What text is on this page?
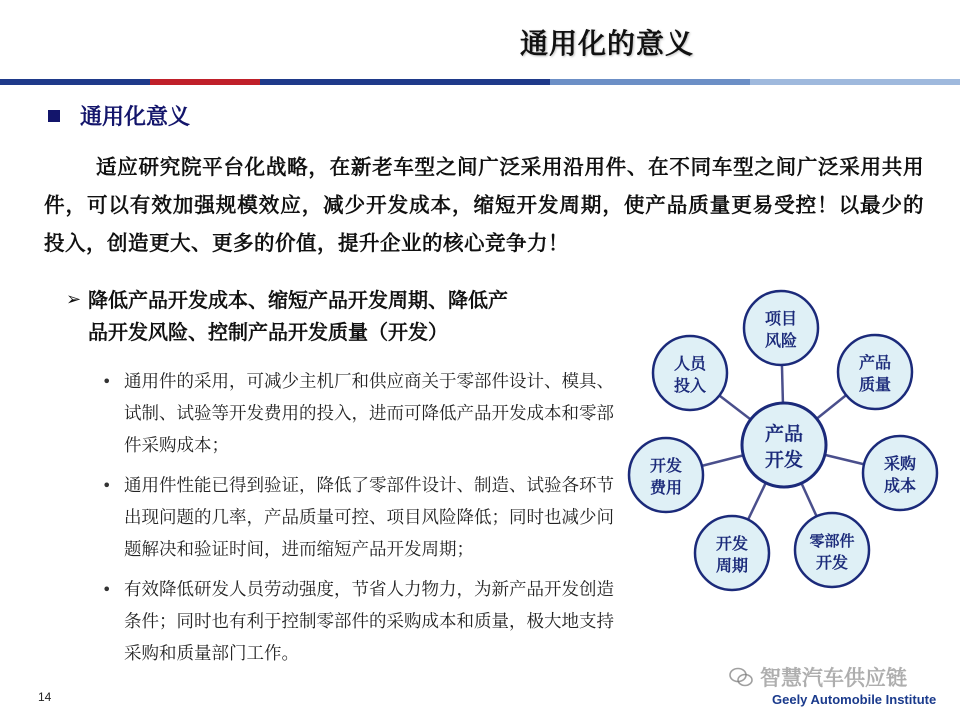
通用化的意义
通用化意义
适应研究院平台化战略，在新老车型之间广泛采用沿用件、在不同车型之间广泛采用共用件，可以有效加强规模效应，减少开发成本，缩短开发周期，使产品质量更易受控！以最少的投入，创造更大、更多的价值，提升企业的核心竞争力！
➢ 降低产品开发成本、缩短产品开发周期、降低产
品开发风险、控制产品开发质量（开发）
• 通用件的采用，可减少主机厂和供应商关于零部件设计、模具、试制、试验等开发费用的投入，进而可降低产品开发成本和零部件采购成本；
• 通用件性能已得到验证，降低了零部件设计、制造、试验各环节出现问题的几率，产品质量可控、项目风险降低；同时也减少问题解决和验证时间，进而缩短产品开发周期；
• 有效降低研发人员劳动强度，节省人力物力，为新产品开发创造条件；同时也有利于控制零部件的采购成本和质量，极大地支持采购和质量部门工作。
项目
风险
产品
质量
采购
成本
零部件
开发
开发
周期
开发
费用
人员
投入
产品
开发
14
智慧汽车供应链
Geely Automobile Institute
